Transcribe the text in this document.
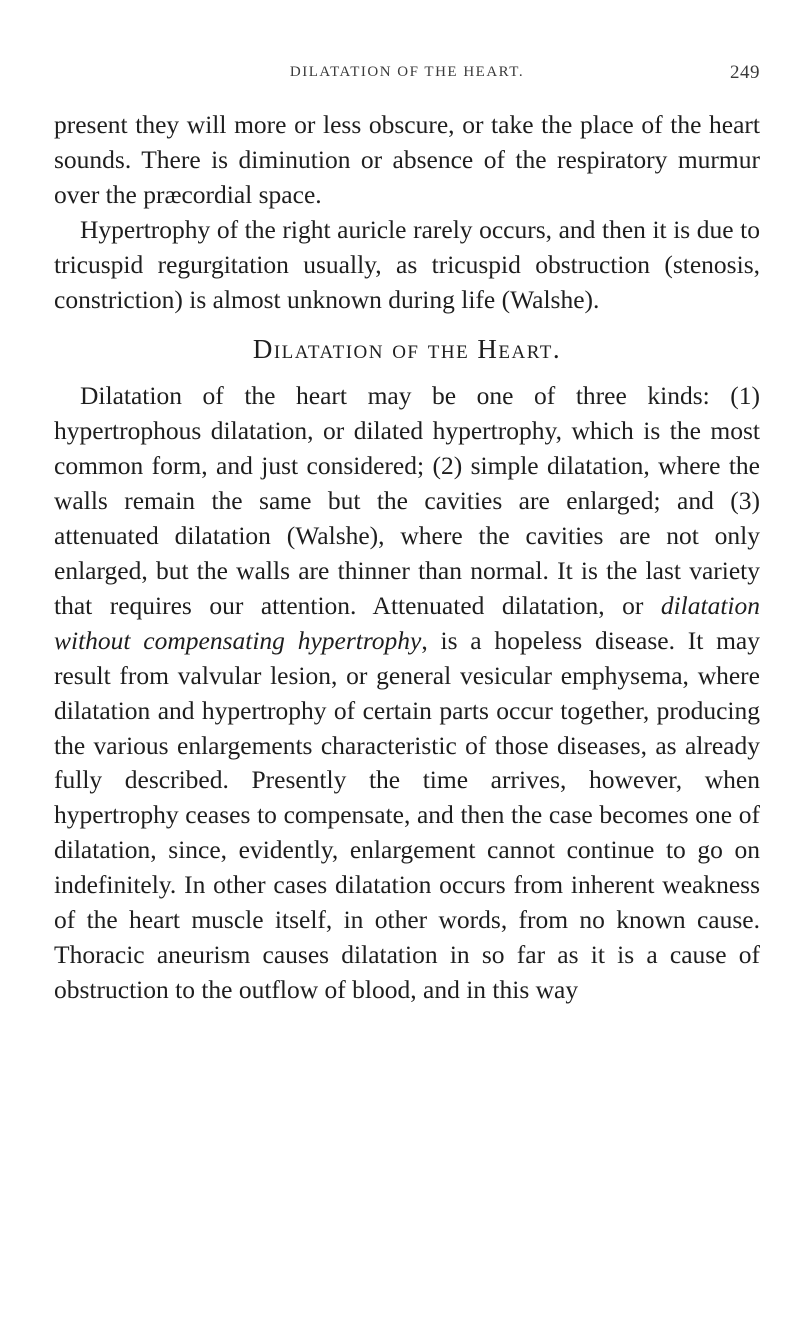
DILATATION OF THE HEART.	249

present they will more or less obscure, or take the place of the heart sounds. There is diminution or absence of the respiratory murmur over the præcordial space.

Hypertrophy of the right auricle rarely occurs, and then it is due to tricuspid regurgitation usually, as tricuspid obstruction (stenosis, constriction) is almost unknown during life (Walshe).

Dilatation of the Heart.

Dilatation of the heart may be one of three kinds: (1) hypertrophous dilatation, or dilated hypertrophy, which is the most common form, and just considered; (2) simple dilatation, where the walls remain the same but the cavities are enlarged; and (3) attenuated dilatation (Walshe), where the cavities are not only enlarged, but the walls are thinner than normal. It is the last variety that requires our attention. Attenuated dilatation, or dilatation without compensating hypertrophy, is a hopeless disease. It may result from valvular lesion, or general vesicular emphysema, where dilatation and hypertrophy of certain parts occur together, producing the various enlargements characteristic of those diseases, as already fully described. Presently the time arrives, however, when hypertrophy ceases to compensate, and then the case becomes one of dilatation, since, evidently, enlargement cannot continue to go on indefinitely. In other cases dilatation occurs from inherent weakness of the heart muscle itself, in other words, from no known cause. Thoracic aneurism causes dilatation in so far as it is a cause of obstruction to the outflow of blood, and in this way
